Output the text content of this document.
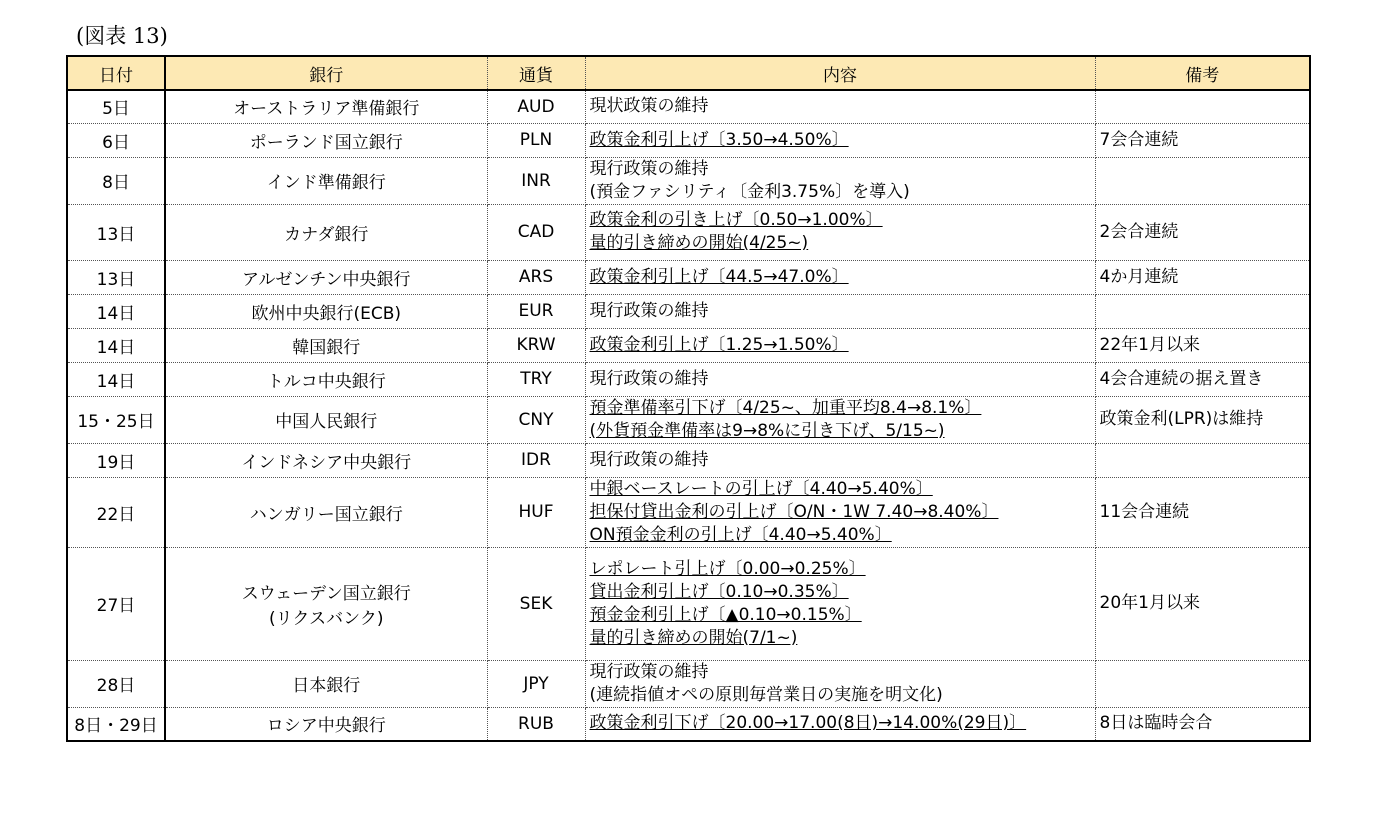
(図表 13)
日付	銀行	通貨	内容	備考
5日	オーストラリア準備銀行	AUD	現状政策の維持	

6日	ポーランド国立銀行	PLN	政策金利引上げ〔3.50→4.50%〕	7会合連続
8日	インド準備銀行	INR	現行政策の維持
(預金ファシリティ〔金利3.75%〕を導入)	

13日	カナダ銀行	CAD	政策金利の引き上げ〔0.50→1.00%〕
量的引き締めの開始(4/25~)	2会合連続
13日	アルゼンチン中央銀行	ARS	政策金利引上げ〔44.5→47.0%〕	4か月連続
14日	欧州中央銀行(ECB)	EUR	現行政策の維持	

14日	韓国銀行	KRW	政策金利引上げ〔1.25→1.50%〕	22年1月以来
14日	トルコ中央銀行	TRY	現行政策の維持	4会合連続の据え置き
15・25日	中国人民銀行	CNY	預金準備率引下げ〔4/25~、加重平均8.4→8.1%〕
(外貨預金準備率は9→8%に引き下げ、5/15~)	政策金利(LPR)は維持
19日	インドネシア中央銀行	IDR	現行政策の維持	

22日	ハンガリー国立銀行	HUF	中銀ベースレートの引上げ〔4.40→5.40%〕
担保付貸出金利の引上げ〔O/N・1W 7.40→8.40%〕
ON預金金利の引上げ〔4.40→5.40%〕	11会合連続
27日	スウェーデン国立銀行
(リクスバンク)	SEK	レポレート引上げ〔0.00→0.25%〕
貸出金利引上げ〔0.10→0.35%〕
預金金利引上げ〔▲0.10→0.15%〕
量的引き締めの開始(7/1~)	20年1月以来
28日	日本銀行	JPY	現行政策の維持
(連続指値オペの原則毎営業日の実施を明文化)	

8日・29日	ロシア中央銀行	RUB	政策金利引下げ〔20.00→17.00(8日)→14.00%(29日)〕	8日は臨時会合
